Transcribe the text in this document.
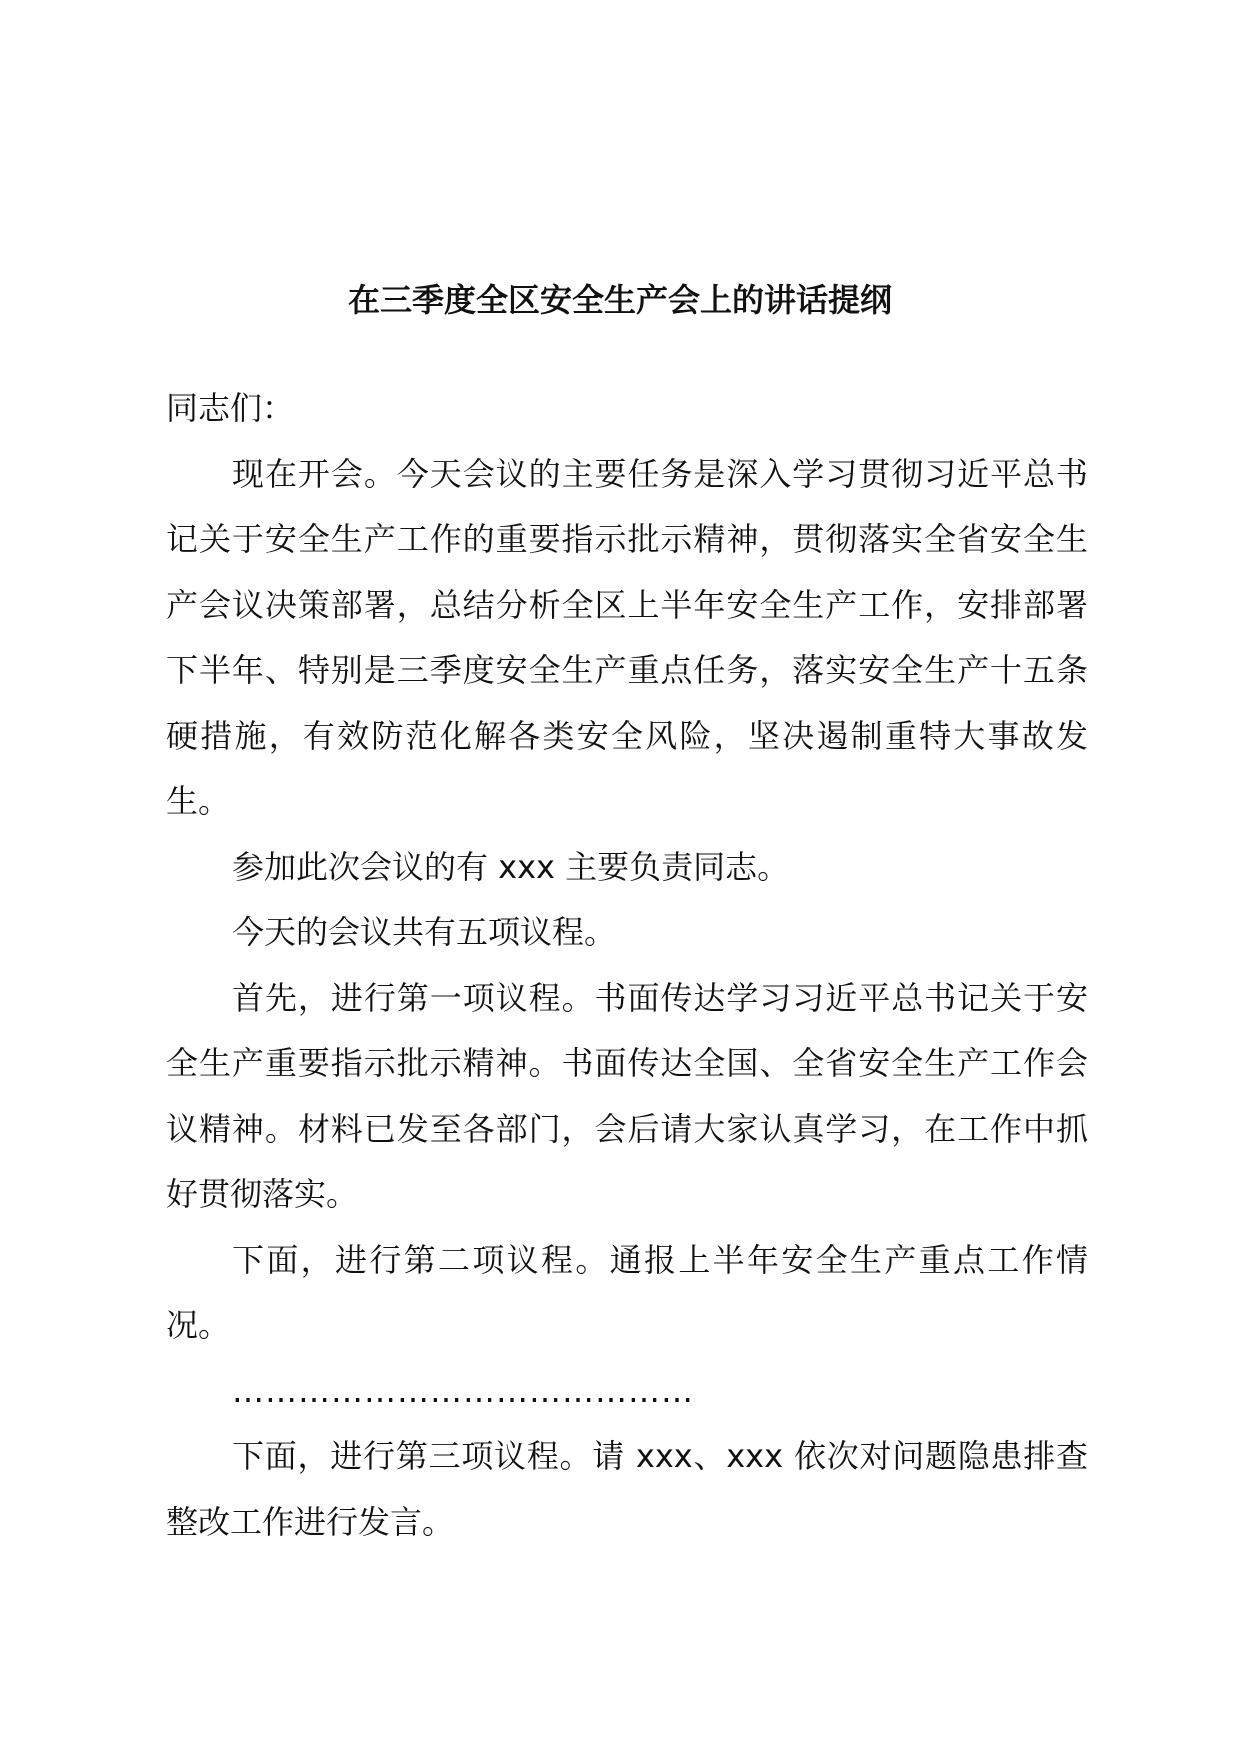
在三季度全区安全生产会上的讲话提纲

同志们：

现在开会。今天会议的主要任务是深入学习贯彻习近平总书记关于安全生产工作的重要指示批示精神，贯彻落实全省安全生产会议决策部署，总结分析全区上半年安全生产工作，安排部署下半年、特别是三季度安全生产重点任务，落实安全生产十五条硬措施，有效防范化解各类安全风险，坚决遏制重特大事故发生。

参加此次会议的有 xxx 主要负责同志。

今天的会议共有五项议程。

首先，进行第一项议程。书面传达学习习近平总书记关于安全生产重要指示批示精神。书面传达全国、全省安全生产工作会议精神。材料已发至各部门，会后请大家认真学习，在工作中抓好贯彻落实。

下面，进行第二项议程。通报上半年安全生产重点工作情况。

……………………………………

下面，进行第三项议程。请 xxx、xxx 依次对问题隐患排查整改工作进行发言。
